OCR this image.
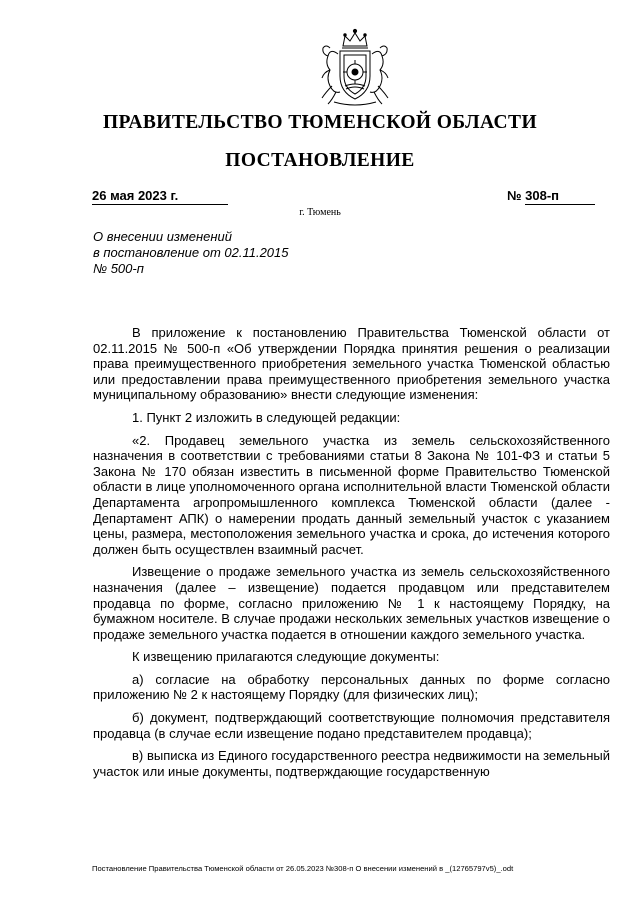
ПРАВИТЕЛЬСТВО ТЮМЕНСКОЙ ОБЛАСТИ
ПОСТАНОВЛЕНИЕ
26 мая 2023 г.	№ 308-п
г. Тюмень
О внесении изменений
в постановление от 02.11.2015
№ 500-п

В приложение к постановлению Правительства Тюменской области от 02.11.2015 № 500-п «Об утверждении Порядка принятия решения о реализации права преимущественного приобретения земельного участка Тюменской областью или предоставлении права преимущественного приобретения земельного участка муниципальному образованию» внести следующие изменения:

1. Пункт 2 изложить в следующей редакции:

«2. Продавец земельного участка из земель сельскохозяйственного назначения в соответствии с требованиями статьи 8 Закона № 101-ФЗ и статьи 5 Закона № 170 обязан известить в письменной форме Правительство Тюменской области в лице уполномоченного органа исполнительной власти Тюменской области Департамента агропромышленного комплекса Тюменской области (далее - Департамент АПК) о намерении продать данный земельный участок с указанием цены, размера, местоположения земельного участка и срока, до истечения которого должен быть осуществлен взаимный расчет.

Извещение о продаже земельного участка из земель сельскохозяйственного назначения (далее – извещение) подается продавцом или представителем продавца по форме, согласно приложению № 1 к настоящему Порядку, на бумажном носителе. В случае продажи нескольких земельных участков извещение о продаже земельного участка подается в отношении каждого земельного участка.

К извещению прилагаются следующие документы:

а) согласие на обработку персональных данных по форме согласно приложению № 2 к настоящему Порядку (для физических лиц);

б) документ, подтверждающий соответствующие полномочия представителя продавца (в случае если извещение подано представителем продавца);

в) выписка из Единого государственного реестра недвижимости на земельный участок или иные документы, подтверждающие государственную

Постановление Правительства Тюменской области от 26.05.2023 №308-п О внесении изменений в _(12765797v5)_.odt
